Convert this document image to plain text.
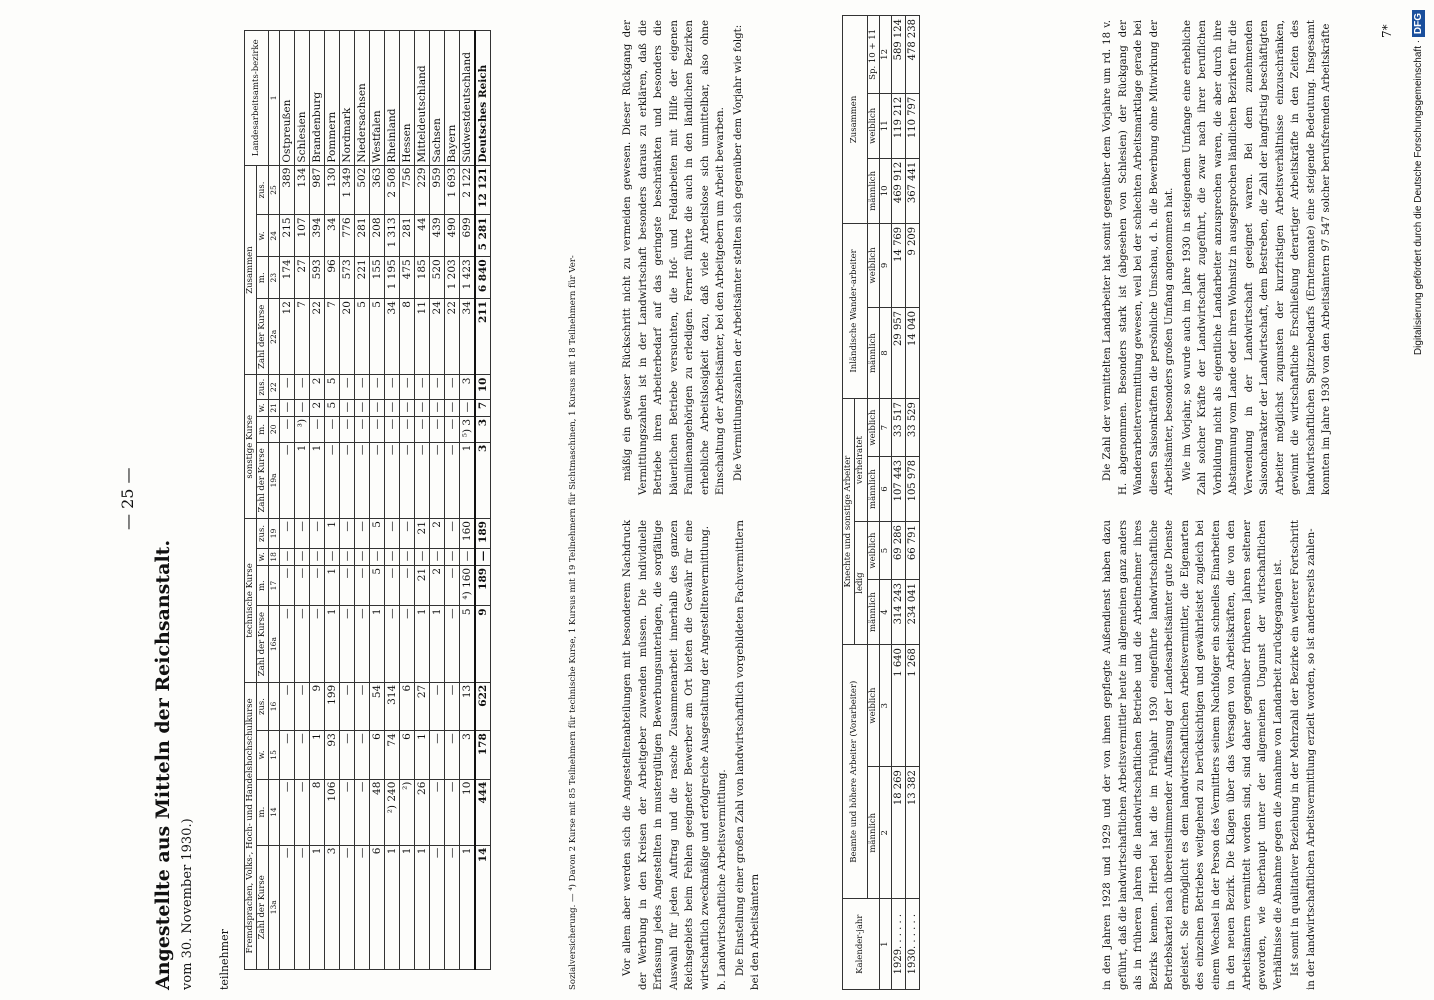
— 25 —
Angestellte aus Mitteln der Reichsanstalt. vom 30. November 1930.) teilnehmer
Fremdsprachen, Volks-, Hoch- und Handelshochschulkurse				technische Kurse				sonstige Kurse				Zusammen				Landesarbeitsamts-bezirke
Zahl der Kurse	m.	w.	zus.	Zahl der Kurse	m.	w.	zus.	Zahl der Kurse	m.	w.	zus.	Zahl der Kurse	m.	w.	zus.	
13a	14	15	16	16a	17	18	19	19a	20	21	22	22a	23	24	25	1
—	—	—	—	—	—	—	—	—	—	—	—	12	174	215	389	Ostpreußen
—	—	—	—	—	—	—	—	1	³)	—	—	7	27	107	134	Schlesien
1	8	1	9	—	—	—	—	1	—	2	2	22	593	394	987	Brandenburg
3	106	93	199	1	1	—	1	—	—	5	5	7	96	34	130	Pommern
—	—	—	—	—	—	—	—	—	—	—	—	20	573	776	1 349	Nordmark
—	—	—	—	—	—	—	—	—	—	—	—	5	221	281	502	Niedersachsen
6	48	6	54	1	5	—	5	—	—	—	—	5	155	208	363	Westfalen
1	²) 240	74	314	—	—	—	—	—	—	—	—	34	1 195	1 313	2 508	Rheinland
1	²)	6	6	—	—	—	—	—	—	—	—	8	475	281	756	Hessen
1	26	1	27	1	21	—	21	—	—	—	—	11	185	44	229	Mitteldeutschland
—	—	—	—	1	2	—	2	—	—	—	—	24	520	439	959	Sachsen
—	—	—	—	—	—	—	—	—	—	—	—	22	1 203	490	1 693	Bayern
1	10	3	13	5	⁴) 160	—	160	1	⁵) 3	—	3	34	1 423	699	2 122	Südwestdeutschland
14	444	178	622	9	189	—	189	3	3	7	10	211	6 840	5 281	12 121	Deutsches Reich
Sozialversicherung. — ⁴) Davon 2 Kurse mit 85 Teilnehmern für technische Kurse, 1 Kursus mit 19 Teilnehmern für Sichtmaschinen, 1 Kursus mit 18 Teilnehmern für Ver-	Vor allem aber werden sich die Angestelltenabteilungen mit besonderem Nachdruck der Werbung in den Kreisen der Arbeitgeber zuwenden müssen. Die individuelle Erfassung jedes Angestellten in mustergültigen Bewerbungsunterlagen, die sorgfältige Auswahl für jeden Auftrag und die rasche Zusammenarbeit innerhalb des ganzen Reichsgebiets beim Fehlen geeigneter Bewerber am Ort bieten die Gewähr für eine wirtschaftlich zweckmäßige und erfolgreiche Ausgestaltung der Angestelltenvermittlung. b. Landwirtschaftliche Arbeitsvermittlung. Die Einstellung einer großen Zahl von landwirtschaftlich vorgebildeten Fachvermittlern bei den Arbeitsämtern

mäßig ein gewisser Rückschritt nicht zu vermeiden gewesen. Dieser Rückgang der Vermittlungszahlen ist in der Landwirtschaft besonders daraus zu erklären, daß die Betriebe ihren Arbeiterbedarf auf das geringste beschränkten und besonders die bäuerlichen Betriebe versuchten, die Hof- und Feldarbeiten mit Hilfe der eigenen Familienangehörigen zu erledigen. Ferner führte die auch in den ländlichen Bezirken erhebliche Arbeitslosigkeit dazu, daß viele Arbeitslose sich unmittelbar, also ohne Einschaltung der Arbeitsämter, bei den Arbeitgebern um Arbeit bewarben. Die Vermittlungszahlen der Arbeitsämter stellten sich gegenüber dem Vorjahr wie folgt:

Kalender-jahr	Beamte und höhere Arbeiter (Vorarbeiter)		Knechte und sonstige Arbeiter				Inländische Wander-arbeiter		Zusammen		
			ledig		verheiratet						
	männlich	weiblich	männlich	weiblich	männlich	weiblich	männlich	weiblich	männlich	weiblich	Sp. 10 + 11
1	2	3	4	5	6	7	8	9	10	11	12
1929. . . . . .	18 269	1 640	314 243	69 286	107 443	33 517	29 957	14 769	469 912	119 212	589 124
1930. . . . . .	13 382	1 268	234 041	66 791	105 978	33 529	14 040	9 209	367 441	110 797	478 238

in den Jahren 1928 und 1929 und der von ihnen gepflegte Außendienst haben dazu geführt, daß die landwirtschaftlichen Arbeitsvermittler heute im allgemeinen ganz anders als in früheren Jahren die landwirtschaftlichen Betriebe und die Arbeitnehmer ihres Bezirks kennen. Hierbei hat die im Frühjahr 1930 eingeführte landwirtschaftliche Betriebskartei nach übereinstimmender Auffassung der Landesarbeitsämter gute Dienste geleistet. Sie ermöglicht es dem landwirtschaftlichen Arbeitsvermittler, die Eigenarten des einzelnen Betriebes weitgehend zu berücksichtigen und gewährleistet zugleich bei einem Wechsel in der Person des Vermittlers seinem Nachfolger ein schnelles Einarbeiten in den neuen Bezirk. Die Klagen über das Versagen von Arbeitskräften, die von den Arbeitsämtern vermittelt worden sind, sind daher gegenüber früheren Jahren seltener geworden, wie überhaupt unter der allgemeinen Ungunst der wirtschaftlichen Verhältnisse die Abnahme gegen die Annahme von Landarbeit zurückgegangen ist. Ist somit in qualitativer Beziehung in der Mehrzahl der Bezirke ein weiterer Fortschritt in der landwirtschaftlichen Arbeitsvermittlung erzielt worden, so ist andererseits zahlen-

Die Zahl der vermittelten Landarbeiter hat somit gegenüber dem Vorjahre um rd. 18 v. H. abgenommen. Besonders stark ist (abgesehen von Schlesien) der Rückgang der Wanderarbeitervermittlung gewesen, weil bei der schlechten Arbeitsmarktlage gerade bei diesen Saisonkräften die persönliche Umschau, d. h. die Bewerbung ohne Mitwirkung der Arbeitsämter, besonders großen Umfang angenommen hat. Wie im Vorjahr, so wurde auch im Jahre 1930 in steigendem Umfange eine erhebliche Zahl solcher Kräfte der Landwirtschaft zugeführt, die zwar nach ihrer beruflichen Vorbildung nicht als eigentliche Landarbeiter anzusprechen waren, die aber durch ihre Abstammung vom Lande oder ihren Wohnsitz in ausgesprochen ländlichen Bezirken für die Verwendung in der Landwirtschaft geeignet waren. Bei dem zunehmenden Saisoncharakter der Landwirtschaft, dem Bestreben, die Zahl der langfristig beschäftigten Arbeiter möglichst zugunsten der kurzfristigen Arbeitsverhältnisse einzuschränken, gewinnt die wirtschaftliche Erschließung derartiger Arbeitskräfte in den Zeiten des landwirtschaftlichen Spitzenbedarfs (Erntemonate) eine steigende Bedeutung. Insgesamt konnten im Jahre 1930 von den Arbeitsämtern 97 547 solcher berufsfremden Arbeitskräfte	7*
Digitalisierung gefördert durch die Deutsche Forschungsgemeinschaft · DFG
